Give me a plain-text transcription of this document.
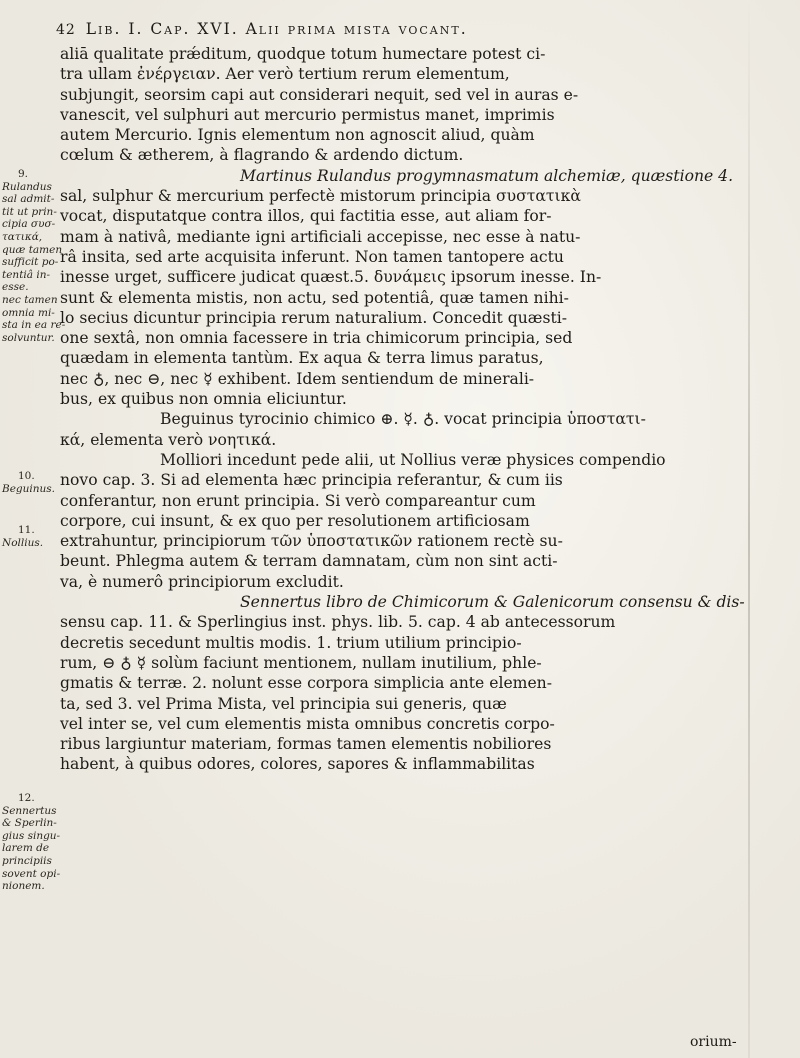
42 Lib. I. Cap. XVI. Alii prima mista vocant.
aliā qualitate prǽditum, quodque totum humectare potest ci-
tra ullam ἐνέργειαν. Aer verò tertium rerum elementum,
subjungit, seorsim capi aut considerari nequit, sed vel in auras e-
vanescit, vel sulphuri aut mercurio permistus manet, imprimis
autem Mercurio. Ignis elementum non agnoscit aliud, quàm
cœlum & ætherem, à flagrando & ardendo dictum.
Martinus Rulandus progymnasmatum alchemiæ, quæstione 4.
sal, sulphur & mercurium perfectè mistorum principia συστατικὰ
vocat, disputatque contra illos, qui factitia esse, aut aliam for-
mam à nativâ, mediante igni artificiali accepisse, nec esse à natu-
râ insita, sed arte acquisita inferunt. Non tamen tantopere actu
inesse urget, sufficere judicat quæst.5. δυνάμεις ipsorum inesse. In-
sunt & elementa mistis, non actu, sed potentiâ, quæ tamen nihi-
lo secius dicuntur principia rerum naturalium. Concedit quæsti-
one sextâ, non omnia facessere in tria chimicorum principia, sed
quædam in elementa tantùm. Ex aqua & terra limus paratus,
nec ♁, nec ⊖, nec ☿ exhibent. Idem sentiendum de minerali-
bus, ex quibus non omnia eliciuntur.
Beguinus tyrocinio chimico ⊕. ☿. ♁. vocat principia ὑποστατι-
κά, elementa verò νοητικά.
Molliori incedunt pede alii, ut Nollius veræ physices compendio
novo cap. 3. Si ad elementa hæc principia referantur, & cum iis
conferantur, non erunt principia. Si verò compareantur cum
corpore, cui insunt, & ex quo per resolutionem artificiosam
extrahuntur, principiorum τῶν ὑποστατικῶν rationem rectè su-
beunt. Phlegma autem & terram damnatam, cùm non sint acti-
va, è numerô principiorum excludit.
Sennertus libro de Chimicorum & Galenicorum consensu & dis-
sensu cap. 11. & Sperlingius inst. phys. lib. 5. cap. 4 ab antecessorum
decretis secedunt multis modis. 1. trium utilium principio-
rum, ⊖ ♁ ☿ solùm faciunt mentionem, nullam inutilium, phle-
gmatis & terræ. 2. nolunt esse corpora simplicia ante elemen-
ta, sed 3. vel Prima Mista, vel principia sui generis, quæ
vel inter se, vel cum elementis mista omnibus concretis corpo-
ribus largiuntur materiam, formas tamen elementis nobiliores
habent, à quibus odores, colores, sapores & inflammabilitas
9.
Rulandus
sal admit-
tit ut prin-
cipia συσ-
τατικά,
quæ tamen
sufficit po-
tentiâ in-
esse.
nec tamen
omnia mi-
sta in ea re-
solvuntur.
10.
Beguinus.
11.
Nollius.
12.
Sennertus
& Sperlin-
gius singu-
larem de
principiis
sovent opi-
nionem.
orium-
